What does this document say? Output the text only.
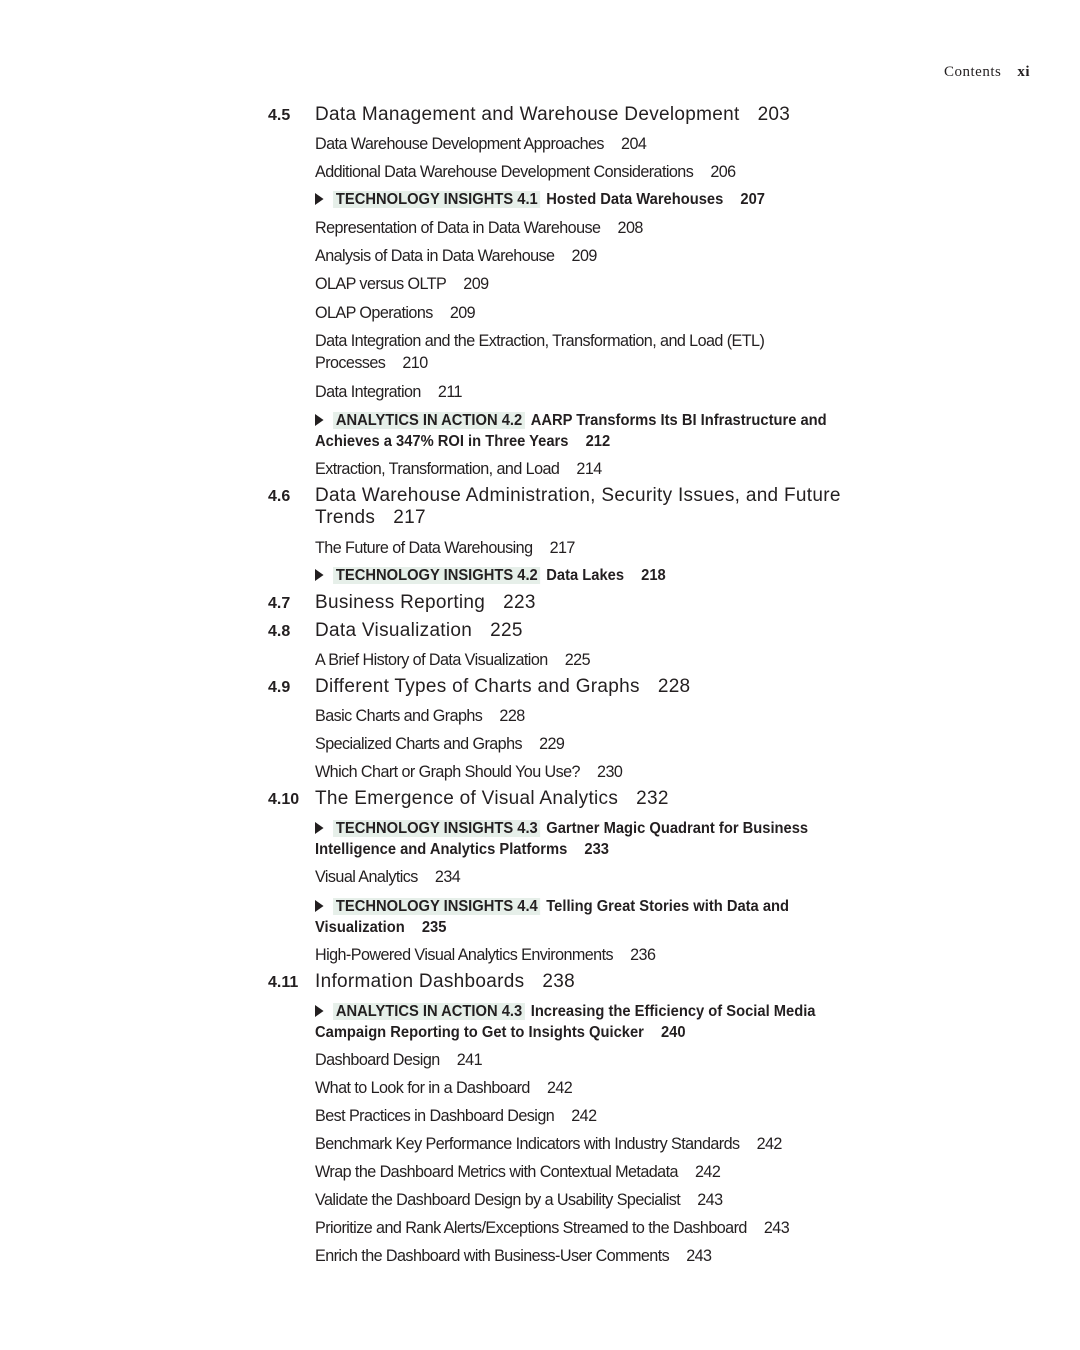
Contents xi
4.5 Data Management and Warehouse Development 203
Data Warehouse Development Approaches 204
Additional Data Warehouse Development Considerations 206
TECHNOLOGY INSIGHTS 4.1 Hosted Data Warehouses 207
Representation of Data in Data Warehouse 208
Analysis of Data in Data Warehouse 209
OLAP versus OLTP 209
OLAP Operations 209
Data Integration and the Extraction, Transformation, and Load (ETL) Processes 210
Data Integration 211
ANALYTICS IN ACTION 4.2 AARP Transforms Its BI Infrastructure and Achieves a 347% ROI in Three Years 212
Extraction, Transformation, and Load 214
4.6 Data Warehouse Administration, Security Issues, and Future Trends 217
The Future of Data Warehousing 217
TECHNOLOGY INSIGHTS 4.2 Data Lakes 218
4.7 Business Reporting 223
4.8 Data Visualization 225
A Brief History of Data Visualization 225
4.9 Different Types of Charts and Graphs 228
Basic Charts and Graphs 228
Specialized Charts and Graphs 229
Which Chart or Graph Should You Use? 230
4.10 The Emergence of Visual Analytics 232
TECHNOLOGY INSIGHTS 4.3 Gartner Magic Quadrant for Business Intelligence and Analytics Platforms 233
Visual Analytics 234
TECHNOLOGY INSIGHTS 4.4 Telling Great Stories with Data and Visualization 235
High-Powered Visual Analytics Environments 236
4.11 Information Dashboards 238
ANALYTICS IN ACTION 4.3 Increasing the Efficiency of Social Media Campaign Reporting to Get to Insights Quicker 240
Dashboard Design 241
What to Look for in a Dashboard 242
Best Practices in Dashboard Design 242
Benchmark Key Performance Indicators with Industry Standards 242
Wrap the Dashboard Metrics with Contextual Metadata 242
Validate the Dashboard Design by a Usability Specialist 243
Prioritize and Rank Alerts/Exceptions Streamed to the Dashboard 243
Enrich the Dashboard with Business-User Comments 243
